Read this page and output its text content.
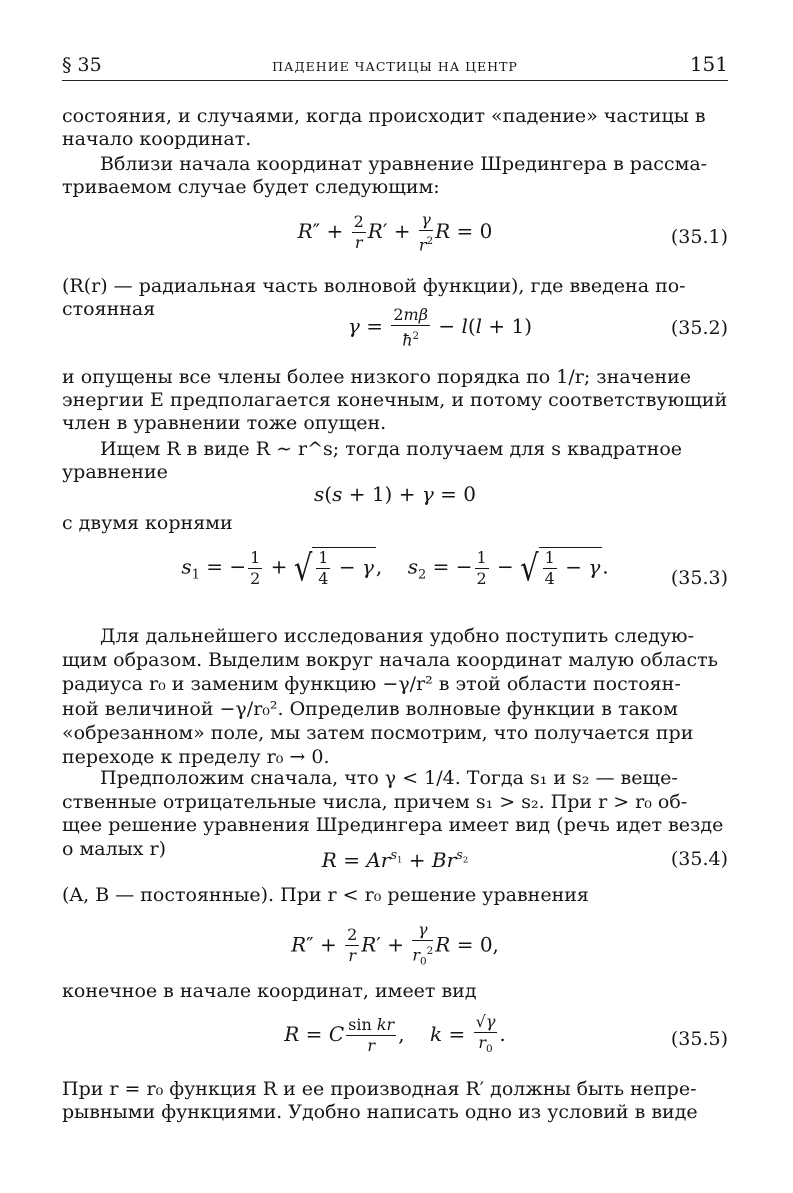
§ 35	ПАДЕНИЕ ЧАСТИЦЫ НА ЦЕНТР	151
состояния, и случаями, когда происходит «падение» частицы в
начало координат.
Вблизи начала координат уравнение Шредингера в рассма-
триваемом случае будет следующим:
$R'' + \frac{2}{r} R' + \frac{\gamma}{r^2}$ R = 0	(35.1)
(R(r) — радиальная часть волновой функции), где введена по-
стоянная
$\gamma = \frac{2m\beta}{ħ^2} - l(l + 1)$	(35.2)
и опущены все члены более низкого порядка по 1/r; значение
энергии E предполагается конечным, и потому соответствующий
член в уравнении тоже опущен.
Ищем R в виде R ∼ r^s; тогда получаем для s квадратное
уравнение
s(s + 1) + γ = 0
с двумя корнями
$s_1$ = − $\frac{1}{2}$ + √ $\frac{1}{4} - \gamma$ ,    $s_2$ = − $\frac{1}{2}$ − √ $\frac{1}{4} - \gamma$ .	(35.3)
Для дальнейшего исследования удобно поступить следую-
щим образом. Выделим вокруг начала координат малую область
радиуса r₀ и заменим функцию −γ/r² в этой области постоян-
ной величиной −γ/r₀². Определив волновые функции в таком
«обрезанном» поле, мы затем посмотрим, что получается при
переходе к пределу r₀ → 0.
Предположим сначала, что γ < 1/4. Тогда s₁ и s₂ — веще-
ственные отрицательные числа, причем s₁ > s₂. При r > r₀ об-
щее решение уравнения Шредингера имеет вид (речь идет везде
о малых r)	$R = Ar^{s_1} + Br^{s_2}$	(35.4)
(A, B — постоянные). При r < r₀ решение уравнения
$R'' + \frac{2}{r} R' + \frac{\gamma}{r_0^2}$ R = 0,
конечное в начале координат, имеет вид
R = C $\frac{\text{sin kr}}{r}$ ,    $k = \frac{√\gamma}{r_0}$ .	(35.5)
При r = r₀ функция R и ее производная R′ должны быть непре-
рывными функциями. Удобно написать одно из условий в виде
